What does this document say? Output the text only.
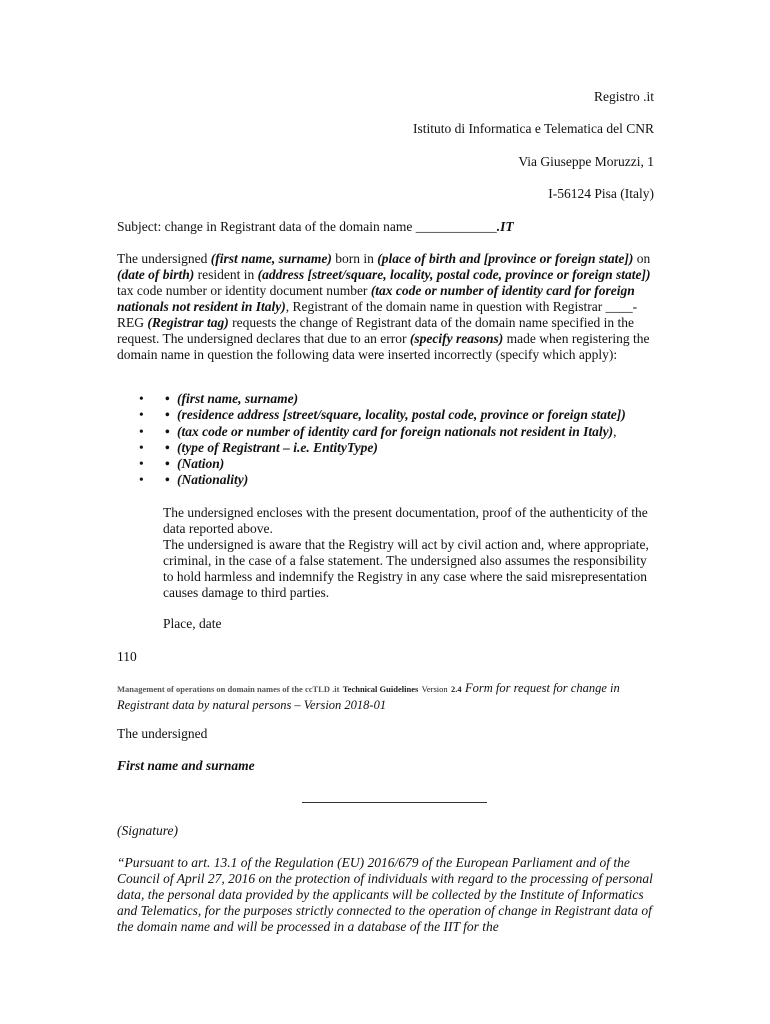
Registro .it
Istituto di Informatica e Telematica del CNR
Via Giuseppe Moruzzi, 1
I-56124 Pisa (Italy)
Subject: change in Registrant data of the domain name ____________.IT
The undersigned (first name, surname) born in (place of birth and [province or foreign state]) on (date of birth) resident in (address [street/square, locality, postal code, province or foreign state]) tax code number or identity document number (tax code or number of identity card for foreign nationals not resident in Italy), Registrant of the domain name in question with Registrar ____-REG (Registrar tag) requests the change of Registrant data of the domain name specified in the request. The undersigned declares that due to an error (specify reasons) made when registering the domain name in question the following data were inserted incorrectly (specify which apply):
• • (first name, surname)
• • (residence address [street/square, locality, postal code, province or foreign state])
• • (tax code or number of identity card for foreign nationals not resident in Italy),
• • (type of Registrant – i.e. EntityType)
• • (Nation)
• • (Nationality)
The undersigned encloses with the present documentation, proof of the authenticity of the data reported above.
The undersigned is aware that the Registry will act by civil action and, where appropriate, criminal, in the case of a false statement. The undersigned also assumes the responsibility to hold harmless and indemnify the Registry in any case where the said misrepresentation causes damage to third parties.
Place, date
110
Management of operations on domain names of the ccTLD .it Technical Guidelines Version 2.4 Form for request for change in Registrant data by natural persons – Version 2018-01
The undersigned
First name and surname
(Signature)
“Pursuant to art. 13.1 of the Regulation (EU) 2016/679 of the European Parliament and of the Council of April 27, 2016 on the protection of individuals with regard to the processing of personal data, the personal data provided by the applicants will be collected by the Institute of Informatics and Telematics, for the purposes strictly connected to the operation of change in Registrant data of the domain name and will be processed in a database of the IIT for the
